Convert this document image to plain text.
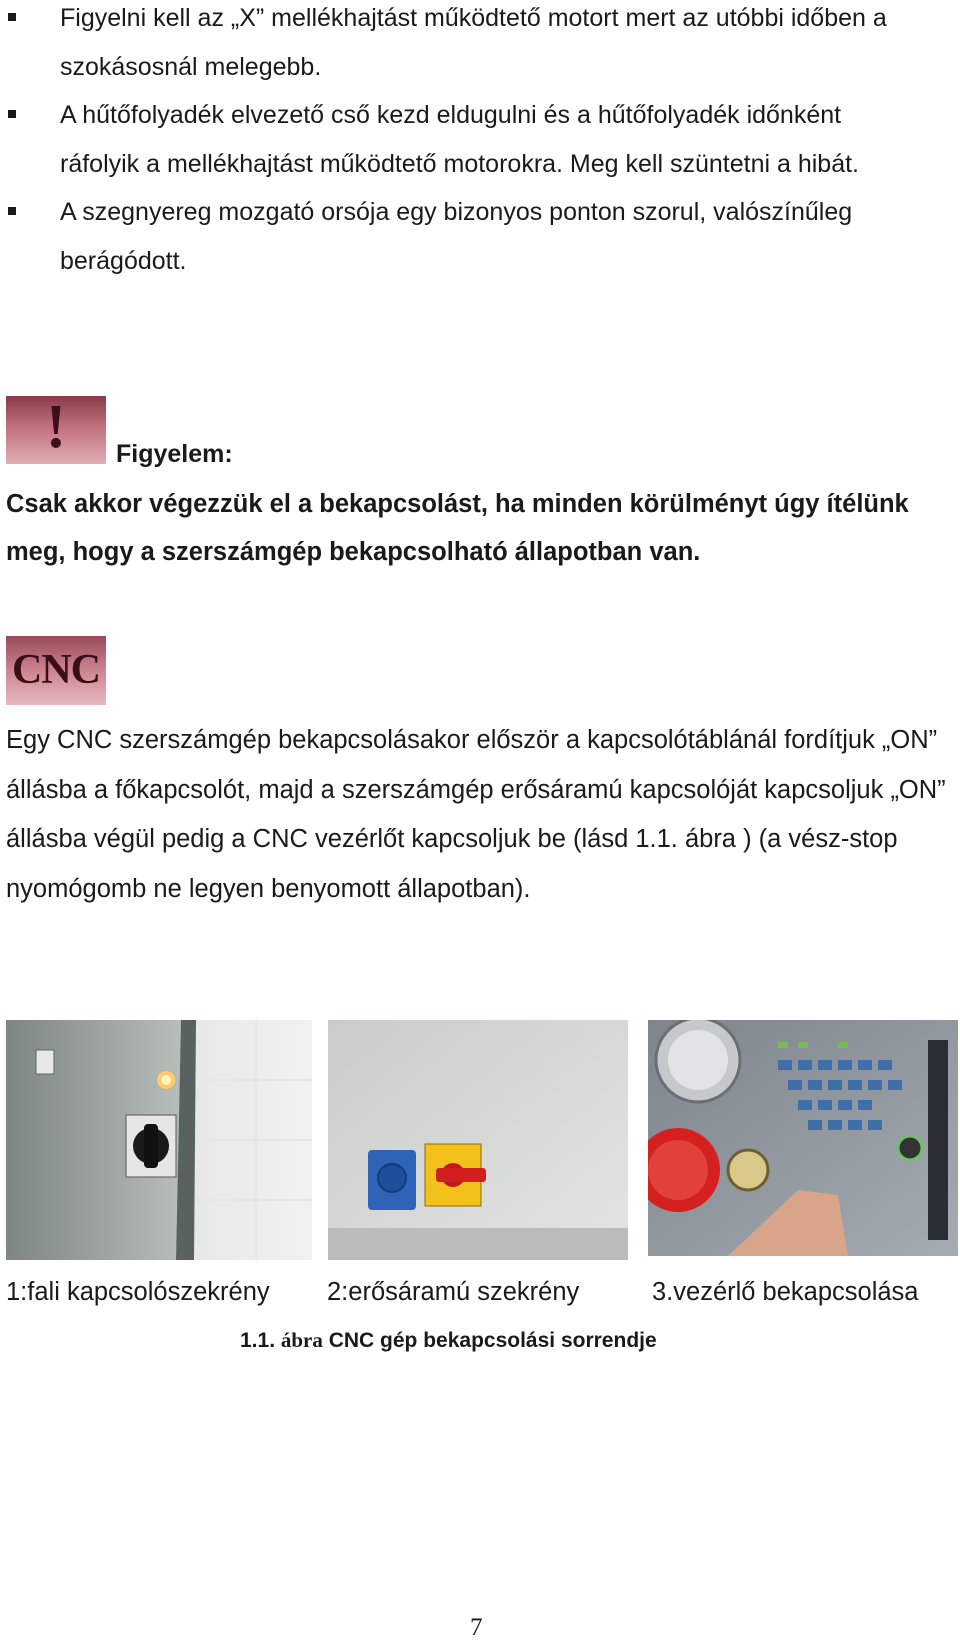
Figyelni kell az „X” mellékhajtást működtető motort mert az utóbbi időben a szokásosnál melegebb.
A hűtőfolyadék elvezető cső kezd eldugulni és a hűtőfolyadék időnként ráfolyik a mellékhajtást működtető motorokra. Meg kell szüntetni a hibát.
A szegnyereg mozgató orsója egy bizonyos ponton szorul, valószínűleg berágódott.
!	Figyelem:
Csak akkor végezzük el a bekapcsolást, ha minden körülményt úgy ítélünk meg, hogy a szerszámgép bekapcsolható állapotban van.
CNC
Egy CNC szerszámgép bekapcsolásakor először a kapcsolótáblánál fordítjuk „ON” állásba a főkapcsolót, majd a szerszámgép erősáramú kapcsolóját kapcsoljuk „ON” állásba végül pedig a CNC vezérlőt kapcsoljuk be (lásd 1.1. ábra ) (a vész-stop nyomógomb ne legyen benyomott állapotban).
1:fali kapcsolószekrény 2:erősáramú szekrény	3.vezérlő bekapcsolása
1.1. ábra CNC gép bekapcsolási sorrendje
7
